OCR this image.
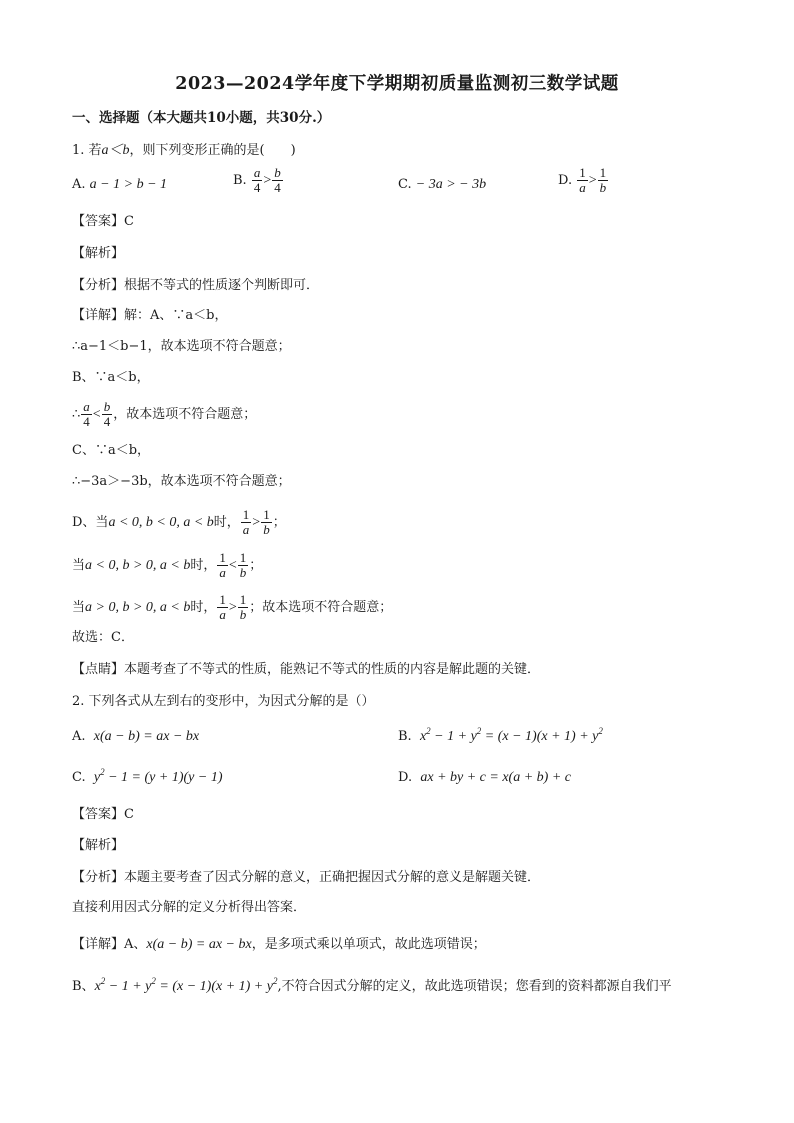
2023—2024学年度下学期期初质量监测初三数学试题
一、选择题（本大题共10小题，共30分.）
1. 若a＜b，则下列变形正确的是(　　)
A. a − 1 > b − 1	B. $\frac{a}{4} > \frac{b}{4}$	C. − 3a > − 3b	D. $\frac{1}{a} > \frac{1}{b}$
【答案】C
【解析】
【分析】根据不等式的性质逐个判断即可．
【详解】解：A、∵a＜b，
∴a−1＜b−1，故本选项不符合题意；
B、∵a＜b，
∴ $\frac{a}{4} < \frac{b}{4}$ ，故本选项不符合题意；
C、∵a＜b，
∴−3a＞−3b，故本选项不符合题意；
D、当a < 0, b < 0, a < b时， $\frac{1}{a} > \frac{1}{b}$ ；
当a < 0, b > 0, a < b时， $\frac{1}{a} < \frac{1}{b}$ ；
当a > 0, b > 0, a < b时， $\frac{1}{a} > \frac{1}{b}$ ；故本选项不符合题意；
故选：C．
【点睛】本题考查了不等式的性质，能熟记不等式的性质的内容是解此题的关键．
2. 下列各式从左到右的变形中，为因式分解的是（）
A. x(a − b) = ax − bx	B. $x^2 - 1 + y^2 = (x - 1)(x + 1) + y^2$
C. $y^2 - 1 = (y + 1)(y - 1)$	D. ax + by + c = x(a + b) + c
【答案】C
【解析】
【分析】本题主要考查了因式分解的意义，正确把握因式分解的意义是解题关键．
直接利用因式分解的定义分析得出答案．
【详解】A、x(a − b) = ax − bx，是多项式乘以单项式，故此选项错误；
B、$x^2 - 1 + y^2 = (x - 1)(x + 1) + y^2$,不符合因式分解的定义，故此选项错误；您看到的资料都源自我们平
